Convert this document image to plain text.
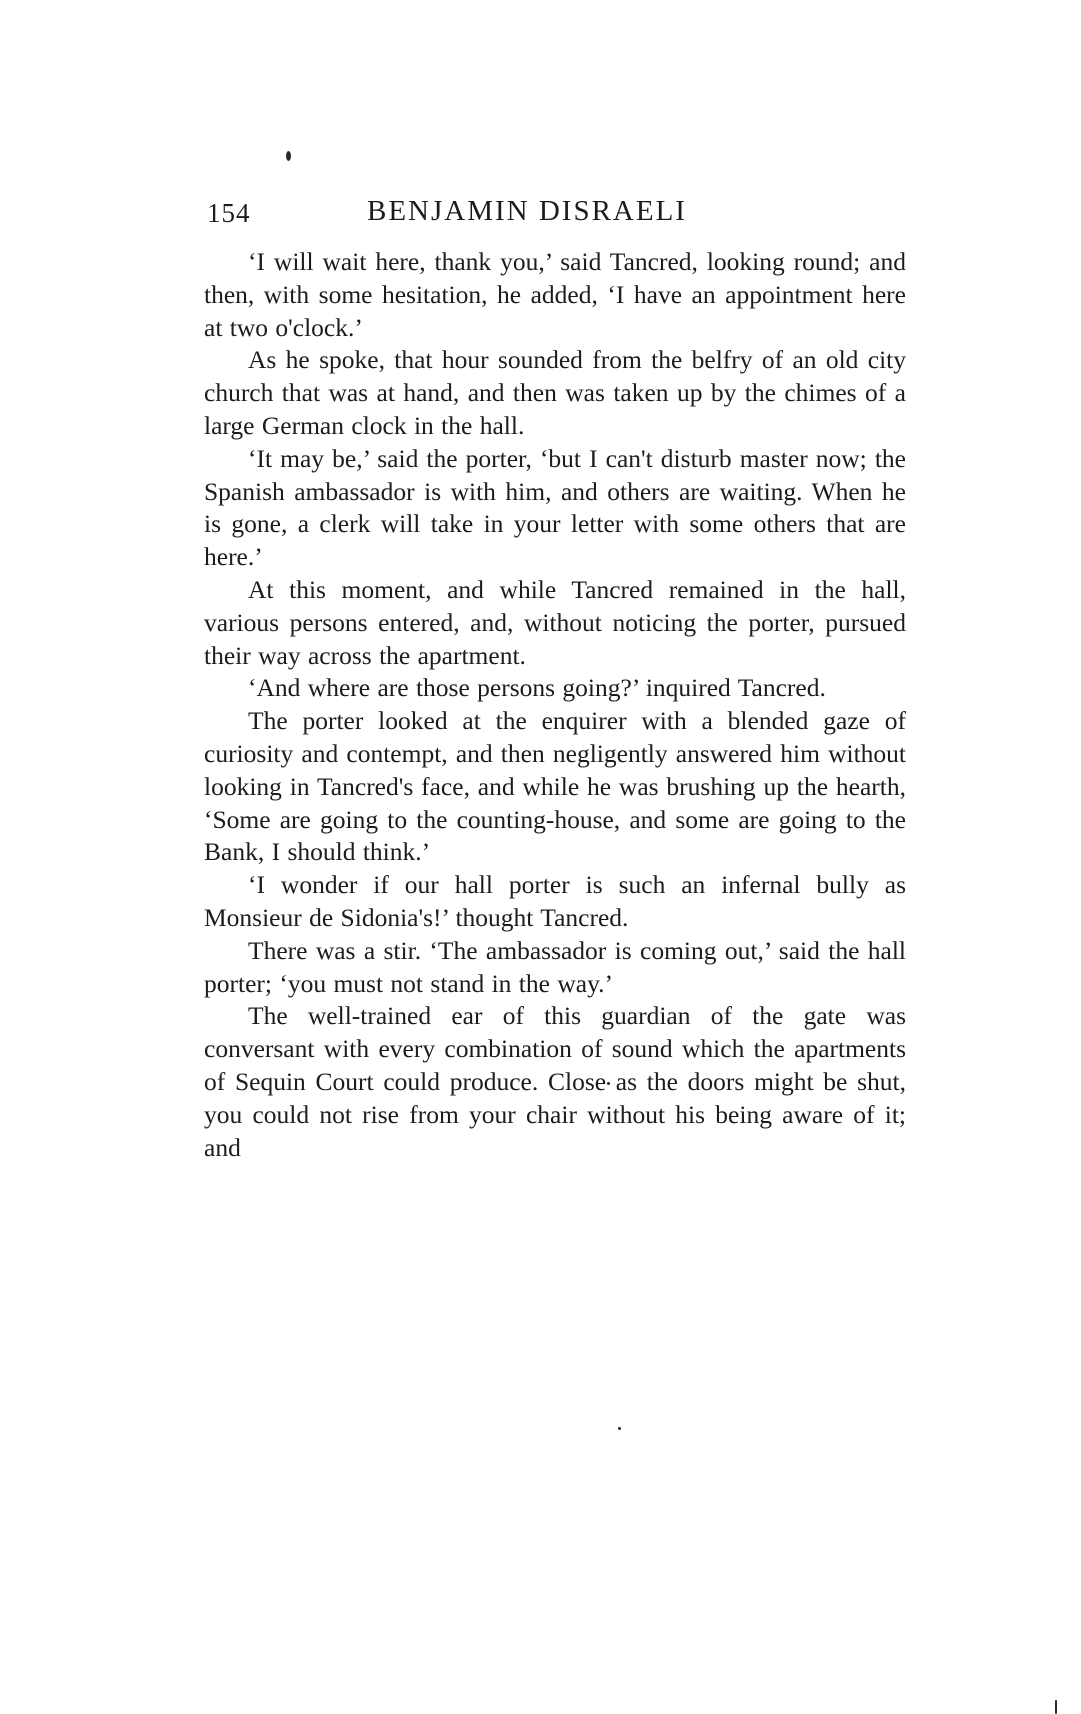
154	BENJAMIN DISRAELI

‘I will wait here, thank you,’ said Tancred, looking round; and then, with some hesitation, he added, ‘I have an appointment here at two o'clock.’

As he spoke, that hour sounded from the belfry of an old city church that was at hand, and then was taken up by the chimes of a large German clock in the hall.

‘It may be,’ said the porter, ‘but I can't disturb master now; the Spanish ambassador is with him, and others are waiting. When he is gone, a clerk will take in your letter with some others that are here.’

At this moment, and while Tancred remained in the hall, various persons entered, and, without noticing the porter, pursued their way across the apartment.

‘And where are those persons going?’ inquired Tancred.

The porter looked at the enquirer with a blended gaze of curiosity and contempt, and then negligently answered him without looking in Tancred's face, and while he was brushing up the hearth, ‘Some are going to the counting-house, and some are going to the Bank, I should think.’

‘I wonder if our hall porter is such an infernal bully as Monsieur de Sidonia's!’ thought Tancred.

There was a stir. ‘The ambassador is coming out,’ said the hall porter; ‘you must not stand in the way.’

The well-trained ear of this guardian of the gate was conversant with every combination of sound which the apartments of Sequin Court could produce. Close as the doors might be shut, you could not rise from your chair without his being aware of it; and
